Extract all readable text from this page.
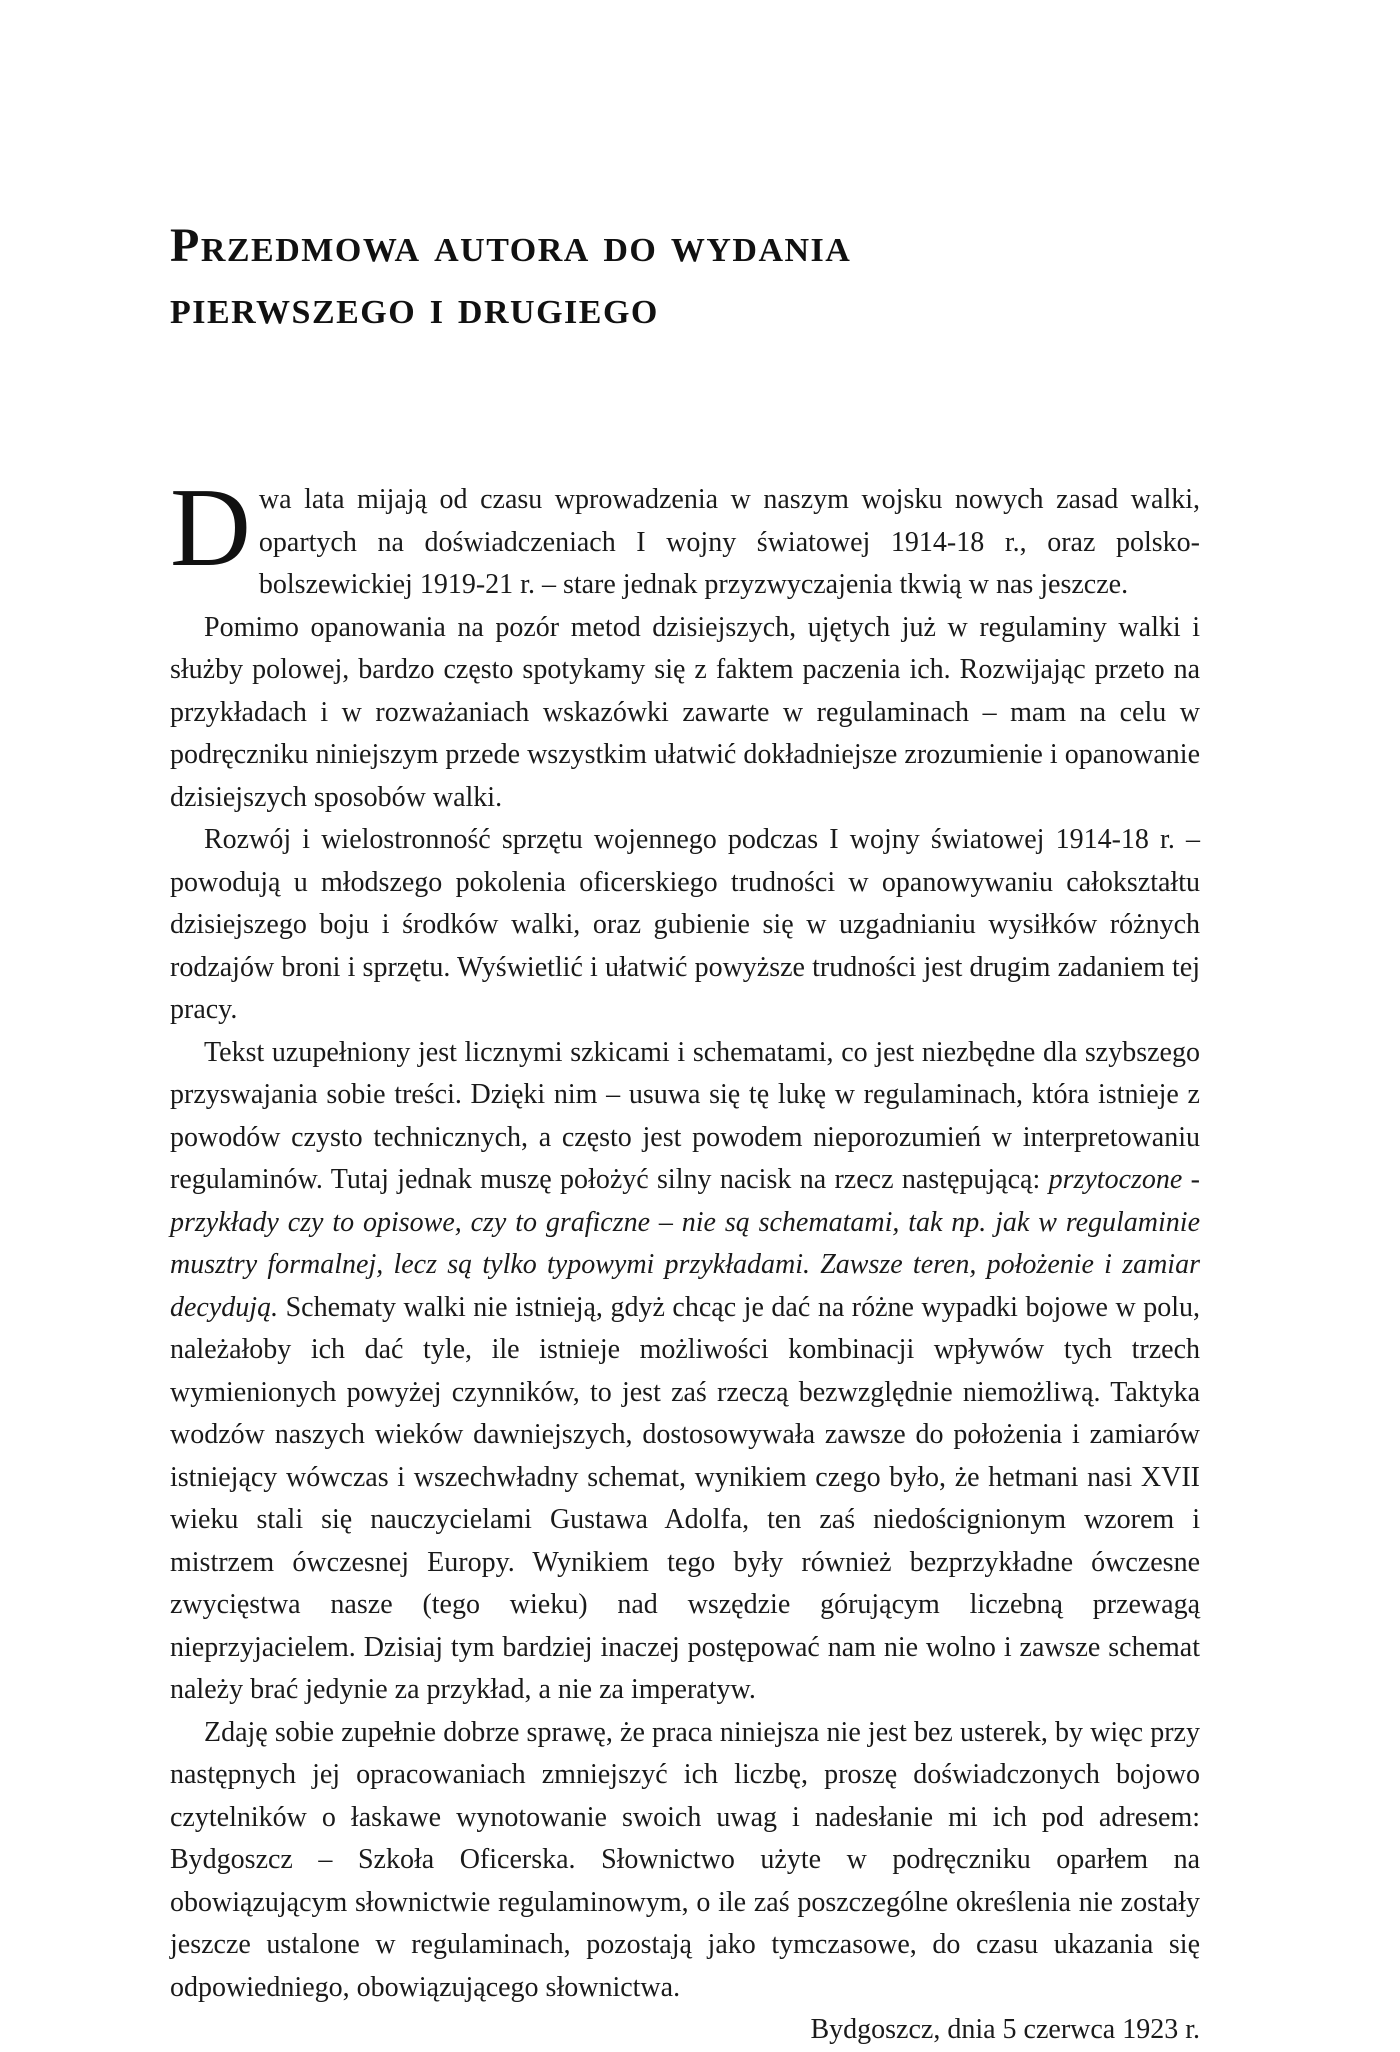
Przedmowa autora do wydania
pierwszego i drugiego

Dwa lata mijają od czasu wprowadzenia w naszym wojsku nowych zasad walki, opartych na doświadczeniach I wojny światowej 1914-18 r., oraz polsko-bolszewickiej 1919-21 r. – stare jednak przyzwyczajenia tkwią w nas jeszcze.

Pomimo opanowania na pozór metod dzisiejszych, ujętych już w regulaminy walki i służby polowej, bardzo często spotykamy się z faktem paczenia ich. Rozwijając przeto na przykładach i w rozważaniach wskazówki zawarte w regulaminach – mam na celu w podręczniku niniejszym przede wszystkim ułatwić dokładniejsze zrozumienie i opanowanie dzisiejszych sposobów walki.

Rozwój i wielostronność sprzętu wojennego podczas I wojny światowej 1914-18 r. – powodują u młodszego pokolenia oficerskiego trudności w opanowywaniu całokształtu dzisiejszego boju i środków walki, oraz gubienie się w uzgadnianiu wysiłków różnych rodzajów broni i sprzętu. Wyświetlić i ułatwić powyższe trudności jest drugim zadaniem tej pracy.

Tekst uzupełniony jest licznymi szkicami i schematami, co jest niezbędne dla szybszego przyswajania sobie treści. Dzięki nim – usuwa się tę lukę w regulaminach, która istnieje z powodów czysto technicznych, a często jest powodem nieporozumień w interpretowaniu regulaminów. Tutaj jednak muszę położyć silny nacisk na rzecz następującą: przytoczone -przykłady czy to opisowe, czy to graficzne – nie są schematami, tak np. jak w regulaminie musztry formalnej, lecz są tylko typowymi przykładami. Zawsze teren, położenie i zamiar decydują. Schematy walki nie istnieją, gdyż chcąc je dać na różne wypadki bojowe w polu, należałoby ich dać tyle, ile istnieje możliwości kombinacji wpływów tych trzech wymienionych powyżej czynników, to jest zaś rzeczą bezwzględnie niemożliwą. Taktyka wodzów naszych wieków dawniejszych, dostosowywała zawsze do położenia i zamiarów istniejący wówczas i wszechwładny schemat, wynikiem czego było, że hetmani nasi XVII wieku stali się nauczycielami Gustawa Adolfa, ten zaś niedoścignionym wzorem i mistrzem ówczesnej Europy. Wynikiem tego były również bezprzykładne ówczesne zwycięstwa nasze (tego wieku) nad wszędzie górującym liczebną przewagą nieprzyjacielem. Dzisiaj tym bardziej inaczej postępować nam nie wolno i zawsze schemat należy brać jedynie za przykład, a nie za imperatyw.

Zdaję sobie zupełnie dobrze sprawę, że praca niniejsza nie jest bez usterek, by więc przy następnych jej opracowaniach zmniejszyć ich liczbę, proszę doświadczonych bojowo czytelników o łaskawe wynotowanie swoich uwag i nadesłanie mi ich pod adresem: Bydgoszcz – Szkoła Oficerska. Słownictwo użyte w podręczniku oparłem na obowiązującym słownictwie regulaminowym, o ile zaś poszczególne określenia nie zostały jeszcze ustalone w regulaminach, pozostają jako tymczasowe, do czasu ukazania się odpowiedniego, obowiązującego słownictwa.

Bydgoszcz, dnia 5 czerwca 1923 r.
